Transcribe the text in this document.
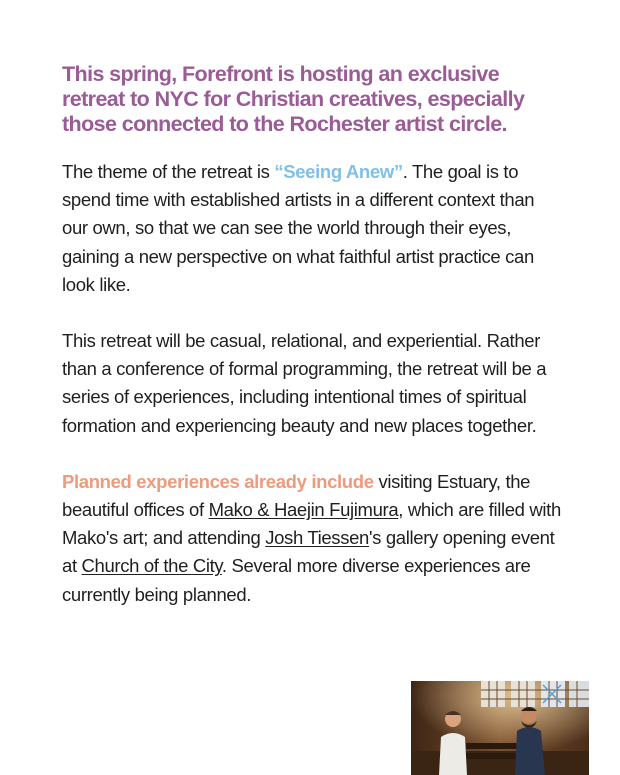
This spring, Forefront is hosting an exclusive retreat to NYC for Christian creatives, especially those connected to the Rochester artist circle.

The theme of the retreat is “Seeing Anew”. The goal is to spend time with established artists in a different context than our own, so that we can see the world through their eyes, gaining a new perspective on what faithful artist practice can look like.

This retreat will be casual, relational, and experiential. Rather than a conference of formal programming, the retreat will be a series of experiences, including intentional times of spiritual formation and experiencing beauty and new places together.

Planned experiences already include visiting Estuary, the beautiful offices of Mako & Haejin Fujimura, which are filled with Mako's art; and attending Josh Tiessen's gallery opening event at Church of the City. Several more diverse experiences are currently being planned.
